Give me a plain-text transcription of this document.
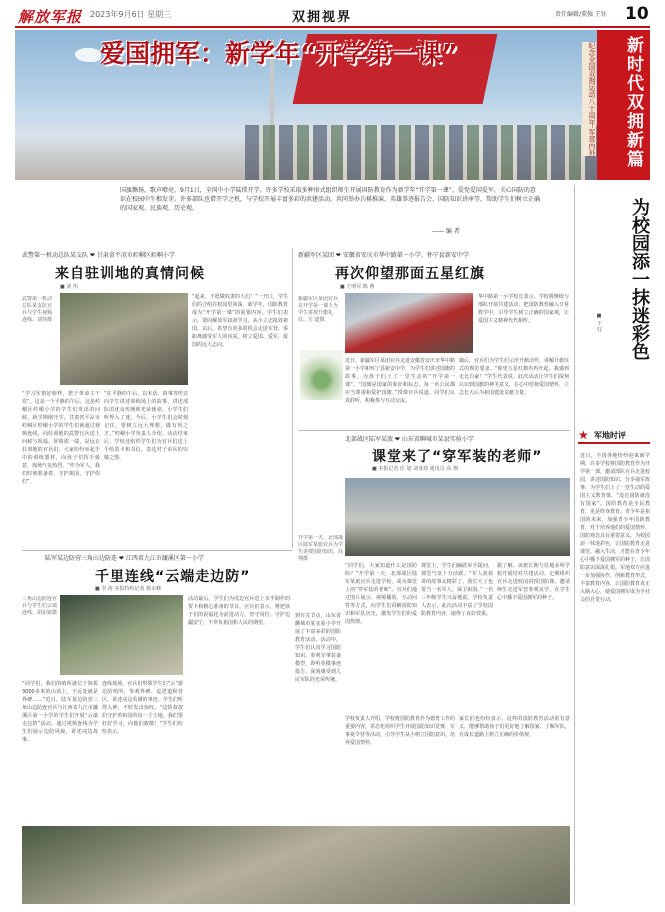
解放军报 2023年9月6日 星期三	双拥视界	责任编辑/董强 王钰 10
爱国拥军：新学年“开学第一课”	新时代双拥新篇
纪念全国双拥运动八十周年·军营内外
国旗飘扬，歌声嘹亮。9月1日，全国中小学陆续开学。许多学校采取多种形式组织师生开展国防教育作为新学年“开学第一课”。爱党爱国爱军，关心国防的意识在校园中生根发芽。许多部队也借开学之机，与学校开展丰富多彩的共建活动，共同举办兵棋推演、英雄事迹报告会、国防知识讲座等，帮助学生们树立正确的国家观、民族观、历史观。
—— 编 者
武警第一机动总队某支队 ❤ 甘肃省平凉市崆峒区崆峒小学
来自驻训地的真情问候
■ 刘 伟
武警第一机动总队某支队官兵与学生视频连线。刘伟摄
“学习军情好榜样，您于革命主干党”。这是一个平静的午后，这是崆峒区崆峒小学的学生们发出的问候。新学期刚开学，甘肃省平凉市崆峒区崆峒小学的学生们就通过视频连线，向驻训地的武警官兵送上问候与祝福。屏幕那一端，是远在驻训地的官兵们，大家纷纷举起手中的训练器材，向孩子们挥手致意，现场气氛热烈。“作为军人，我们时刻准备着，守护祖国，守护你们”。
“在平静的午后，以本话、故事等形式向学生讲述训练场上的故事，讲述部队的优良传统和光荣使命，小学生们听得入了迷。今后，小学生们会时刻记住，要树立远大理想，做有用之才。”崆峒小学负责人介绍，活动结束后，学校还组织学生们为官兵们送上手绘贺卡和书信，表达对子弟兵的崇敬之情。
“起来，不愿做奴隶的人们！”一开口，学生们的合唱在校园里回荡。新学年，国防教育成为“开学第一课”的重要内容，学生们表示，要向解放军叔叔学习，从小立志报效祖国。以后，希望有更多的机会走进军营，零距离感受军人的风采，树立爱国、爱军、报国的远大志向。
新疆军区某团 ❤ 安徽省安庆市华中路第一小学、怀宁县新安中学
再次仰望那面五星红旗
■ 王明军 陈 燕
新疆军区某团官兵在开学第一课上为学生讲授升旗礼仪。方 道摄
近日，新疆军区某团官兵走进安徽省安庆市华中路第一小学和怀宁县新安中学，为学生们讲述国旗的故事，为孩子们上了一堂生动的“开学第一课”。“国旗是国家的象征和标志，每一名公民都应当尊重和爱护国旗。”授课官兵说道。同学们认真聆听，积极参与互动交流。
随后，官兵们为学生们示范升旗动作，讲解升旗仪式的规范要求。“仰望五星红旗冉冉升起，我感到无比自豪！”学生代表说。此次活动让学生们深刻认识到国旗的神圣意义，在心中厚植爱国情怀，立志长大后为祖国建设贡献力量。
华中路第一小学校长表示，学校将继续与部队开展共建活动，把国防教育融入日常教学中，引导学生树立正确的国家观，让爱国主义精神代代相传。
北部战区陆军某旅 ❤ 山东省聊城市某县实验小学
课堂来了“穿军装的老师”
■ 本报记者 任 旭 刘亚琦 通讯员 高 翔
开学第一天，北部战区陆军某旅官兵为学生讲授国防知识。高翔摄
“同学们，大家知道什么是国防吗？”开学第一天，北部战区陆军某旅官兵走进学校，成为课堂上的“穿军装的老师”。官兵们通过图片展示、视频播放、互动问答等方式，向学生们讲解国防知识和军队历史，激发学生们的爱国热情。
课堂上，学生们踊跃举手提问，课堂气氛十分活跃。“军人叔叔讲的故事太精彩了，我长大了也要当一名军人，保卫祖国。”一名三年级学生兴奋地说。学校负责人表示，此次活动丰富了学校国防教育内容，取得了良好效果。
据了解，该旅长期与驻地多所学校开展结对共建活动，定期组织官兵走进校园讲授国防课，邀请师生走进军营参观见学，在学生心中播下爱国拥军的种子。
陆军某边防营三角山边防连 ❤ 江西省九江市濂溪区第一小学
千里连线“云端走边防”
■ 李 涛 本报特约记者 蔡永峰
三角山边防连官兵与学生们云端连线。胡东铭摄
“同学们，我们的哨所就位于海拔3000多米的山顶上，不远处就是界碑……”近日，陆军某边防营三角山边防连官兵与江西省九江市濂溪区第一小学的学生们开展“云端走边防”活动，通过视频连线为学生们展示边防风貌，讲述戍边故事。
连线现场，官兵们带领学生们“云”游边防哨所，参观界碑、巡逻道和营区，讲述戍边英雄的事迹。学生们听得入神，不时发出惊叹。“边防叔叔们守护着祖国的每一寸土地，我们要好好学习，向他们致敬！”学生们纷纷表示。
活动最后，学生们为戍边官兵送上亲手制作的贺卡和精心准备的节目。官兵们表示，将把孩子们的祝福化为前进动力，坚守岗位，守护边疆安宁，不辜负祖国和人民的期望。
到有关节点，山东省聊城市某实验小学开展了丰富多彩的国防教育活动。活动中，学生们认真学习国防知识，参观军事装备模型，聆听英模事迹报告，深刻感受到人民军队的光荣传统。
学校负责人介绍，学校将国防教育作为德育工作的重要内容，常态化组织学生开展国防知识竞赛、军事夏令营等活动，引导学生从小树立国防意识，培养爱国情怀。
家长们也纷纷表示，这样的国防教育活动很有意义，能够帮助孩子们更好地了解国家、了解军队，在成长道路上树立正确的价值观。
为校园添一抹迷彩色
■ 王 钰
★ 军地时评
近日，全国各地纷纷迎来新学期。许多学校将国防教育作为开学第一课，邀请部队官兵走进校园，讲述国防知识、分享强军故事，为学生们上了一堂生动的爱国主义教育课。“没有国防就没有国家”。国防教育是全民教育，更是终身教育。青少年是祖国的未来，加强青少年国防教育，对于培养他们的爱国情怀、国防观念具有重要意义。为校园添一抹迷彩色，让国防教育走进课堂、融入生活，才能在青少年心中播下爱国拥军的种子，让国防意识深深扎根。军地双方应进一步加强协作，创新教育形式，丰富教育内容，让国防教育真正入脑入心，使爱国拥军成为全社会的自觉行动。
